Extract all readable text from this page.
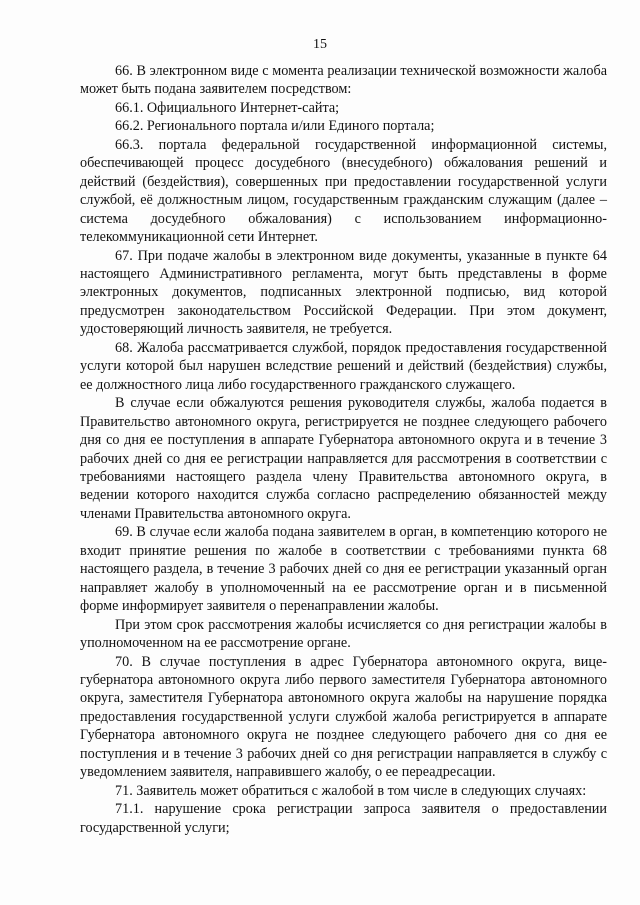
15

66. В электронном виде с момента реализации технической возможности жалоба может быть подана заявителем посредством:

66.1. Официального Интернет-сайта;

66.2. Регионального портала и/или Единого портала;

66.3. портала федеральной государственной информационной системы, обеспечивающей процесс досудебного (внесудебного) обжалования решений и действий (бездействия), совершенных при предоставлении государственной услуги службой, её должностным лицом, государственным гражданским служащим (далее – система досудебного обжалования) с использованием информационно-телекоммуникационной сети Интернет.

67. При подаче жалобы в электронном виде документы, указанные в пункте 64 настоящего Административного регламента, могут быть представлены в форме электронных документов, подписанных электронной подписью, вид которой предусмотрен законодательством Российской Федерации. При этом документ, удостоверяющий личность заявителя, не требуется.

68. Жалоба рассматривается службой, порядок предоставления государственной услуги которой был нарушен вследствие решений и действий (бездействия) службы, ее должностного лица либо государственного гражданского служащего.

В случае если обжалуются решения руководителя службы, жалоба подается в Правительство автономного округа, регистрируется не позднее следующего рабочего дня со дня ее поступления в аппарате Губернатора автономного округа и в течение 3 рабочих дней со дня ее регистрации направляется для рассмотрения в соответствии с требованиями настоящего раздела члену Правительства автономного округа, в ведении которого находится служба согласно распределению обязанностей между членами Правительства автономного округа.

69. В случае если жалоба подана заявителем в орган, в компетенцию которого не входит принятие решения по жалобе в соответствии с требованиями пункта 68 настоящего раздела, в течение 3 рабочих дней со дня ее регистрации указанный орган направляет жалобу в уполномоченный на ее рассмотрение орган и в письменной форме информирует заявителя о перенаправлении жалобы.

При этом срок рассмотрения жалобы исчисляется со дня регистрации жалобы в уполномоченном на ее рассмотрение органе.

70. В случае поступления в адрес Губернатора автономного округа, вице-губернатора автономного округа либо первого заместителя Губернатора автономного округа, заместителя Губернатора автономного округа жалобы на нарушение порядка предоставления государственной услуги службой жалоба регистрируется в аппарате Губернатора автономного округа не позднее следующего рабочего дня со дня ее поступления и в течение 3 рабочих дней со дня регистрации направляется в службу с уведомлением заявителя, направившего жалобу, о ее переадресации.

71. Заявитель может обратиться с жалобой в том числе в следующих случаях:

71.1. нарушение срока регистрации запроса заявителя о предоставлении государственной услуги;
